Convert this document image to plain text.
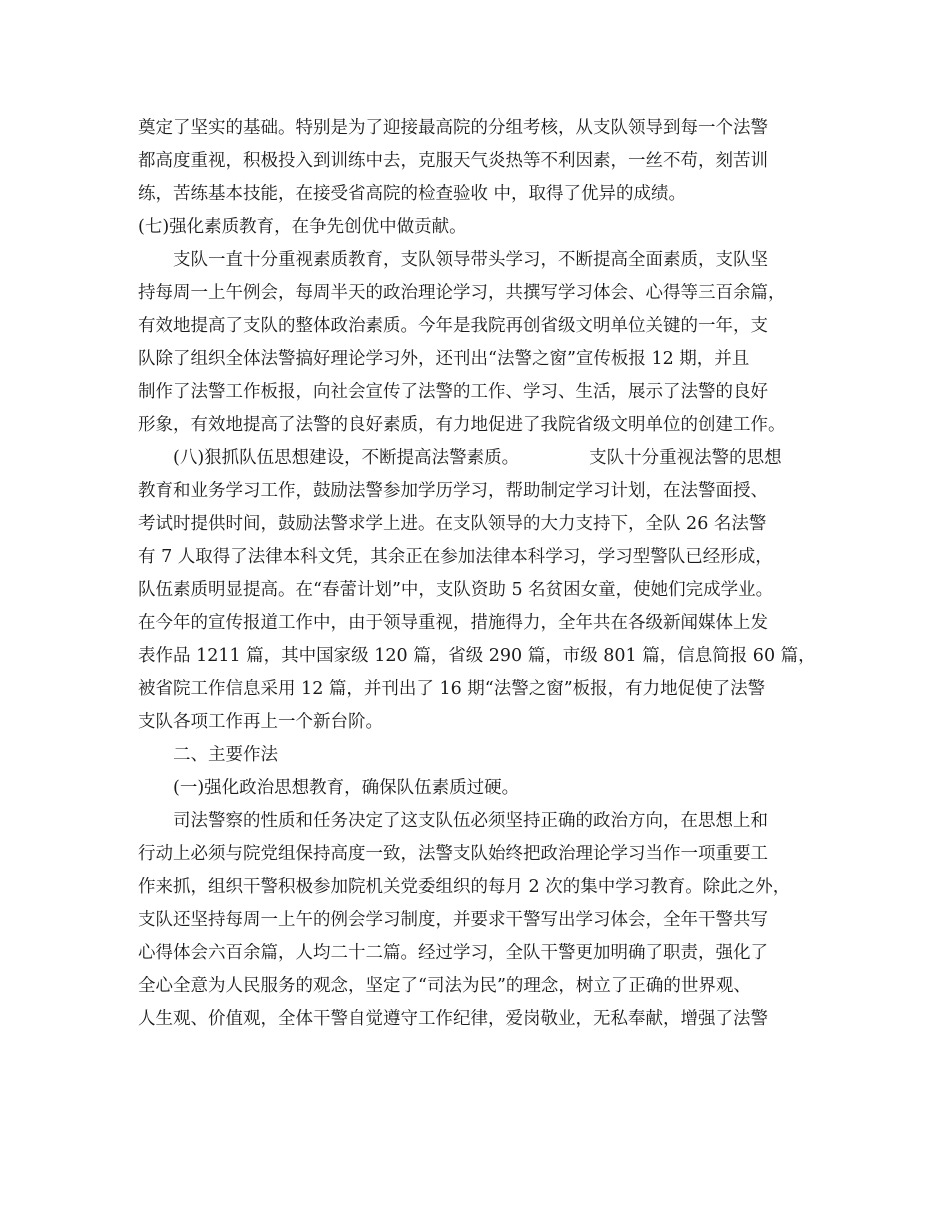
奠定了坚实的基础。特别是为了迎接最高院的分组考核，从支队领导到每一个法警
都高度重视，积极投入到训练中去，克服天气炎热等不利因素，一丝不苟，刻苦训
练，苦练基本技能，在接受省高院的检查验收 中，取得了优异的成绩。
(七)强化素质教育，在争先创优中做贡献。
支队一直十分重视素质教育，支队领导带头学习，不断提高全面素质，支队坚
持每周一上午例会，每周半天的政治理论学习，共撰写学习体会、心得等三百余篇，
有效地提高了支队的整体政治素质。今年是我院再创省级文明单位关键的一年，支
队除了组织全体法警搞好理论学习外，还刊出“法警之窗”宣传板报 12 期，并且
制作了法警工作板报，向社会宣传了法警的工作、学习、生活，展示了法警的良好
形象，有效地提高了法警的良好素质，有力地促进了我院省级文明单位的创建工作。
(八)狠抓队伍思想建设，不断提高法警素质。	支队十分重视法警的思想
教育和业务学习工作，鼓励法警参加学历学习，帮助制定学习计划，在法警面授、
考试时提供时间，鼓励法警求学上进。在支队领导的大力支持下，全队 26 名法警
有 7 人取得了法律本科文凭，其余正在参加法律本科学习，学习型警队已经形成，
队伍素质明显提高。在“春蕾计划”中，支队资助 5 名贫困女童，使她们完成学业。
在今年的宣传报道工作中，由于领导重视，措施得力，全年共在各级新闻媒体上发
表作品 1211 篇，其中国家级 120 篇，省级 290 篇，市级 801 篇，信息简报 60 篇，
被省院工作信息采用 12 篇，并刊出了 16 期“法警之窗”板报，有力地促使了法警
支队各项工作再上一个新台阶。
二、主要作法
(一)强化政治思想教育，确保队伍素质过硬。
司法警察的性质和任务决定了这支队伍必须坚持正确的政治方向，在思想上和
行动上必须与院党组保持高度一致，法警支队始终把政治理论学习当作一项重要工
作来抓，组织干警积极参加院机关党委组织的每月 2 次的集中学习教育。除此之外，
支队还坚持每周一上午的例会学习制度，并要求干警写出学习体会，全年干警共写
心得体会六百余篇，人均二十二篇。经过学习，全队干警更加明确了职责，强化了
全心全意为人民服务的观念，坚定了“司法为民”的理念，树立了正确的世界观、
人生观、价值观，全体干警自觉遵守工作纪律，爱岗敬业，无私奉献，增强了法警
